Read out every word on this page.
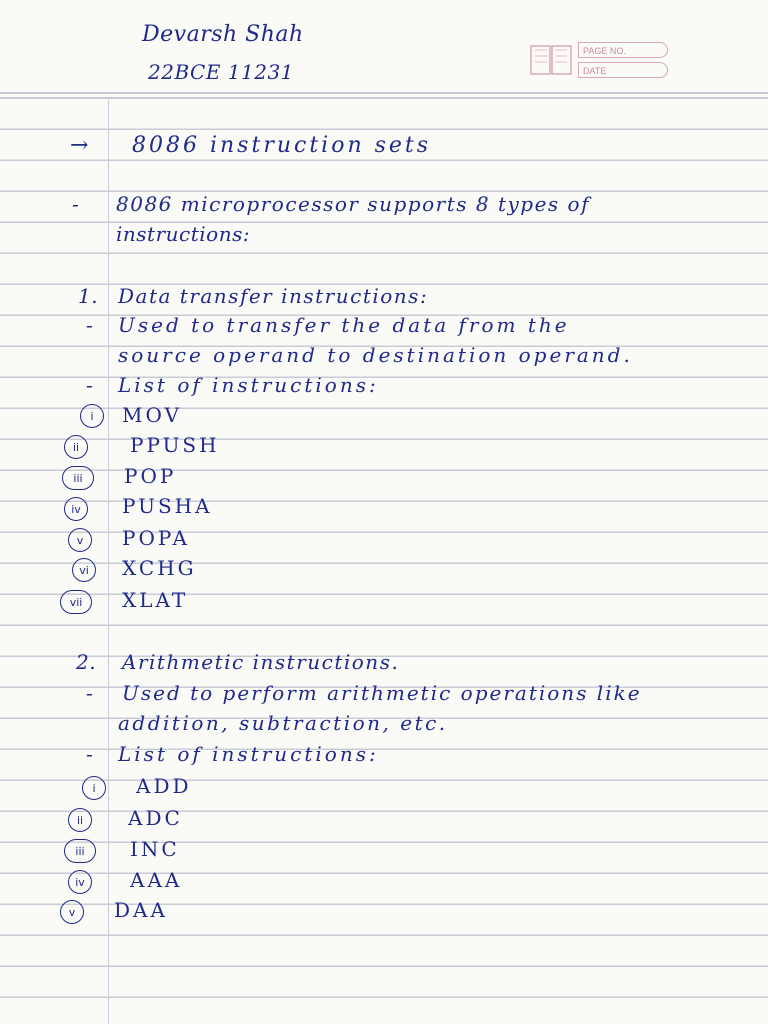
Devarsh Shah
22BCE 11231
PAGE NO.
DATE
→ 8086 instruction sets
- 8086 microprocessor supports 8 types of
instructions:
1. Data transfer instructions:
- Used to transfer the data from the
source operand to destination operand.
- List of instructions:
i	MOV
ii	PPUSH
iii	POP
iv	PUSHA
v	POPA
vi	XCHG
vii	XLAT
2. Arithmetic instructions.
- Used to perform arithmetic operations like
addition, subtraction, etc.
- List of instructions:
i	ADD
ii	ADC
iii	INC
iv	AAA
v	DAA
